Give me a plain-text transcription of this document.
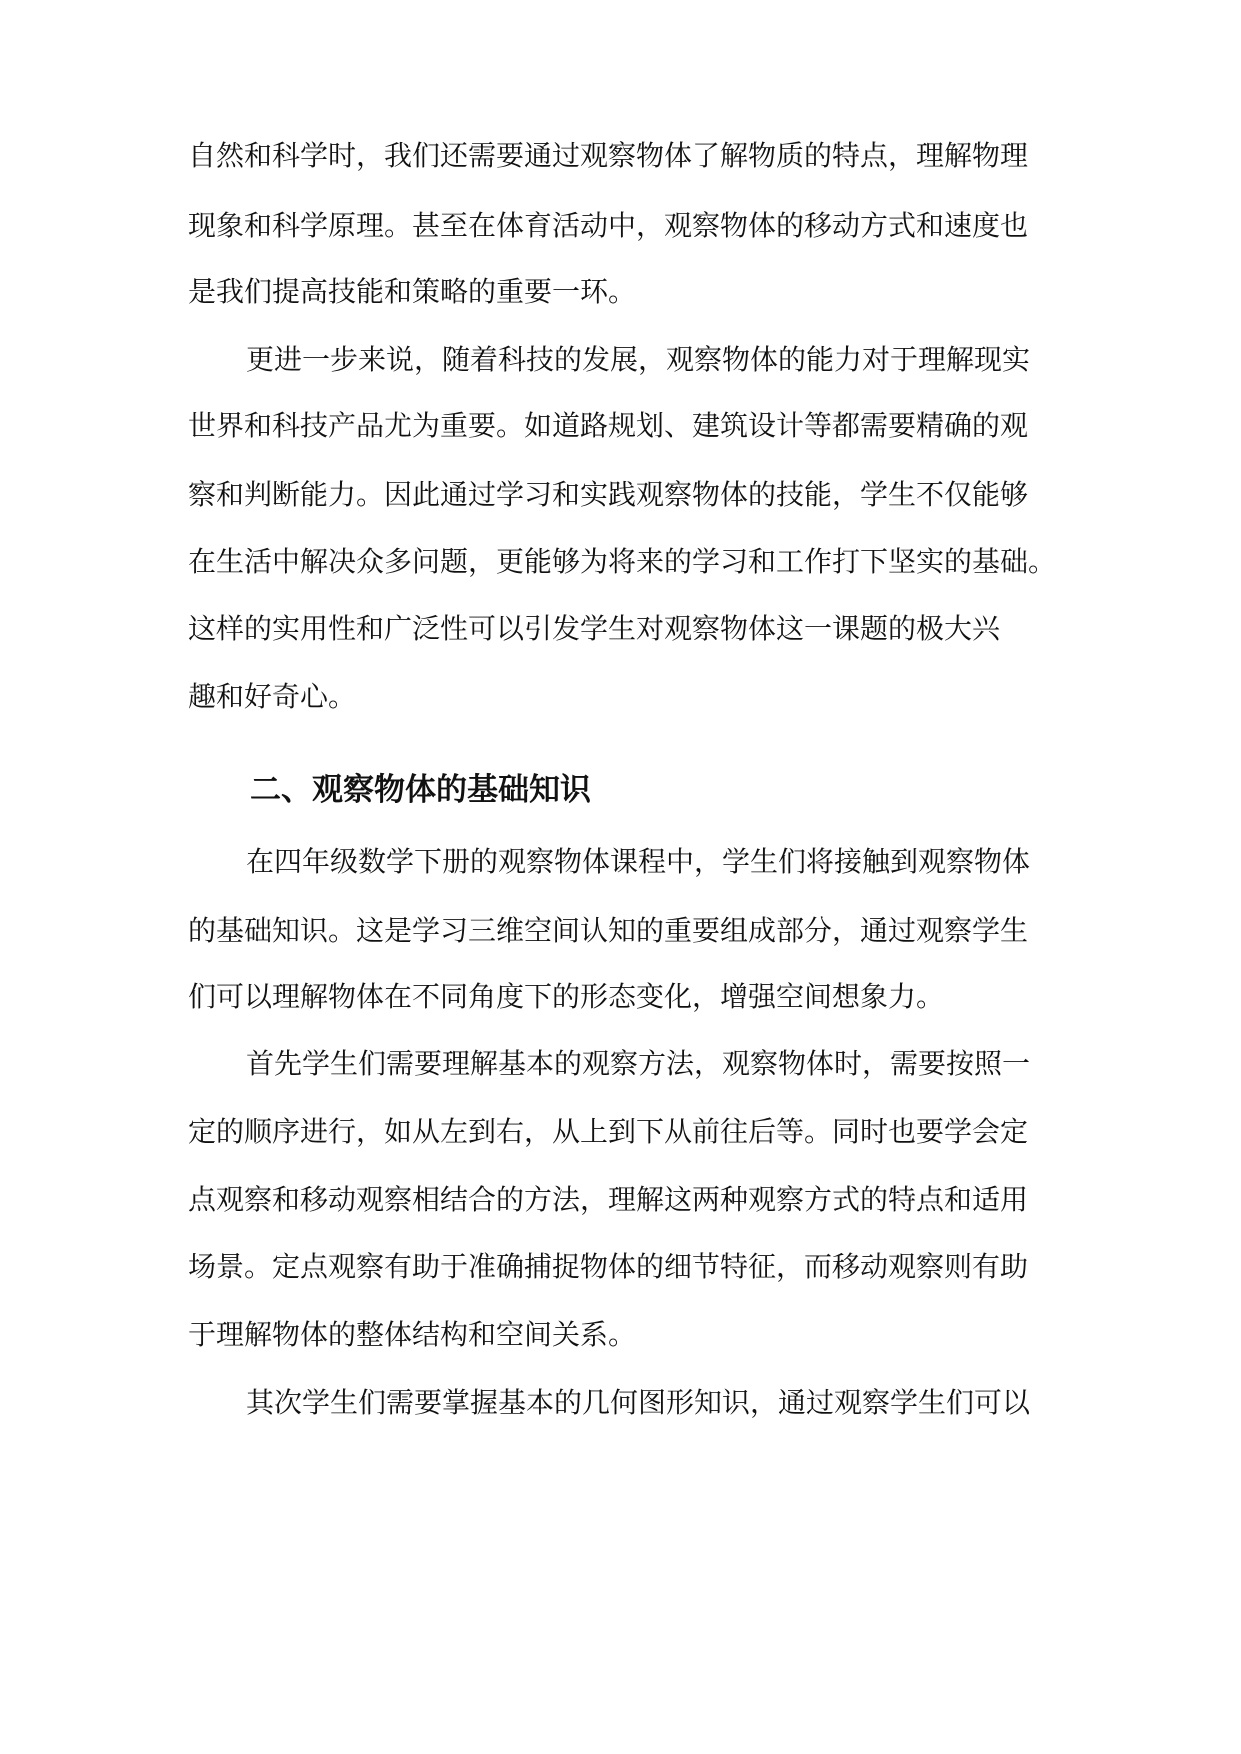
自然和科学时，我们还需要通过观察物体了解物质的特点，理解物理
现象和科学原理。甚至在体育活动中，观察物体的移动方式和速度也
是我们提高技能和策略的重要一环。
更进一步来说，随着科技的发展，观察物体的能力对于理解现实
世界和科技产品尤为重要。如道路规划、建筑设计等都需要精确的观
察和判断能力。因此通过学习和实践观察物体的技能，学生不仅能够
在生活中解决众多问题，更能够为将来的学习和工作打下坚实的基础。
这样的实用性和广泛性可以引发学生对观察物体这一课题的极大兴
趣和好奇心。
二、观察物体的基础知识
在四年级数学下册的观察物体课程中，学生们将接触到观察物体
的基础知识。这是学习三维空间认知的重要组成部分，通过观察学生
们可以理解物体在不同角度下的形态变化，增强空间想象力。
首先学生们需要理解基本的观察方法，观察物体时，需要按照一
定的顺序进行，如从左到右，从上到下从前往后等。同时也要学会定
点观察和移动观察相结合的方法，理解这两种观察方式的特点和适用
场景。定点观察有助于准确捕捉物体的细节特征，而移动观察则有助
于理解物体的整体结构和空间关系。
其次学生们需要掌握基本的几何图形知识，通过观察学生们可以
